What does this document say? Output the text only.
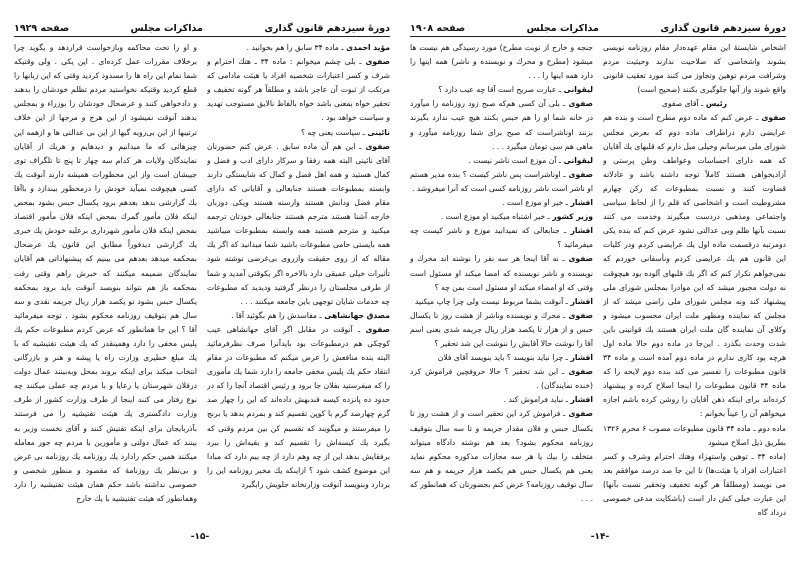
دورهٔ سیزدهم قانون گذاری
مذاکرات مجلس
صفحه ۱۹۰۸

اشخاص شایستهٔ این مقام عهده‌دار مقام روزنامه نویسی بشوند واشخاصی که صلاحیت ندارند وحیثیت مردم وشرافت مردم توهین وتجاوز می کنند مورد تعقیب قانونی واقع شوند واز آنها جلوگیری بکنند (صحیح است)

رئیس ـ آقای صفوی

صفوی ـ عرض کنم که ماده دوم مطرح است و بنده هم عرایضی دارم دراطراف ماده دوم که بعرض مجلس شورای ملی میرسانم وخیلی میل دارم که قلبهای یك آقایان که همه دارای احساسات وعواطف وطن پرستی و آزادیخواهی هستند کاملاً توجه داشته باشد و عادلانه قضاوت کنند و نسبت بمطبوعات که رکن چهارم مشروطیت است و اشخاصی که قلم را از لحاظ سیاسی واجتماعی ومذهبی دردست میگیرند وخدمت می کنند نسبت بآنها ظلم وبی عدالتی نشود عرض کنم که بنده یکی دومرتبه درقسمت ماده اول یك عرایضی کردم ودر کلیات این قانون هم یك عرایضی کردم ونأسفانی خوردم که نمی‌خواهم تکرار کنم که اگر یك قلبهای آلوده بود هیچوقت نه دولت مجبور میشد که این موادرا بمجلس شورای ملی پیشنهاد کند ونه مجلس شورای ملی راضی میشد که از مجلس که نماینده ومظهر ملت ایران محسوب میشود و وکلای آن نماینده گان ملت ایران هستند یك قوانینی باین شدت وحدت بگذرد . این‌جا در ماده دوم حالا ماده اول هرچه بود کاری ندارم در ماده دوم آمده است و ماده ۳۴ قانون مطبوعات را تفسیر می کند بنده دوم لایحه را که ماده ۳۴ قانون مطبوعات را اینجا اصلاح کرده و پیشنهاد کرده‌اند برای اینکه ذهن آقایان را روشن کرده باشم اجازه میخواهم آن را عیناً بخوانم :

ماده دوم ـ ماده ۳۴ قانون مطبوعات مصوب ۶ محرم ۱۳۲۶ بطریق ذیل اصلاح میشود

(ماده ۳۴ ـ توهین واستهزاء وهتك احترام وشرف و کسر اعتبارات افراد یا هیئت‌ها) تا این جا صد درصد موافقم بعد می نویسد (ومطلقاً هر گونه تخفیف وتحقیر نسبت بآنها) این عبارت خیلی کش دار است (باشکایت مدعی خصوصی درداد گاه

جنجه و خارج از نوبت مطرح) مورد رسیدگی هم نیست ها میشود (مطرح و محرك و نویسنده و ناشر) همه اینها را دارد همه اینها را . . .

لیقوانی ـ عبارت صریح است آقا چه عیب دارد ؟

صفوی ـ بلی آن کسی هم‌که صبح زود روزنامه را میآورد در خانه شما او را هم حبس بکنند هیچ عیب ندارد بگیرند بزنند اوناشراست که صبح برای شما روزنامه میآورد و ماهی هم سی تومان میگیرد . . .

لیقوانی ـ آن موزع است ناشر نیست .

صفوی ـ اوناشراست پس ناشر کیست ؟ بنده مدیر هستم او ناشر است ناشر روزنامه کسی است که آنرا میفروشد .

افشار ـ خیر او موزع است .

وزیر کشور ـ خیر اشتباه میکنید او موزع است .

افشار ـ جنابعالی که نمیدانید موزع و ناشر کیست چه میفرمائید ؟

صفوی ـ نه آقا اینجا هر سه نفر را نوشته اند محرك و نویسنده و ناشر نویسنده که امضا میکند او مسئول است وقتی که او امضاء میکند او مسئول است بمن چه ؟

افشار ـ آنوقت بشما مربوط نیست ولی چرا چاپ میکنید

صفوی ـ محرك و نویسنده وناشر از هشت روز تا یکسال حبس و از هزار تا یکصد هزار ریال جریمه شدی یعنی اسم آقا را نوشت حالا آقایش را ننوشت این شد تحقیر ؟

افشار ـ چرا نباید بنویسد ؟ باید بنویسد آقای فلان

صفوی ـ این شد تحقیر ؟ حالا حروفچین فراموش کرد (خنده نمایندگان) .

افشار ـ نباید فراموش کند .

صفوی ـ فراموش کرد این تحقیر است و از هشت روز تا یکسال حبس و فلان مقدار جریمه و تا سه سال بتوقیف روزنامه محکوم بشود؟ بعد هم نوشته دادگاه میتواند متخلف را بیك یا هر سه مجازات مذکوره محکوم نماید یعنی هم یکسال حبس هم یکصد هزار جریمه و هم سه سال توقیف روزنامه؟ عرض کنم بحضورتان که همانطور که . . .

-۱۴-
دورهٔ سیزدهم قانون گذاری
مذاکرات مجلس
صفحه ۱۹۲۹

مؤید احمدی ـ ماده ۳۴ سابق را هم بخوانید .

صفوی ـ بلی چشم میخوانم : ماده ۳۴ ـ هتك احترام و شرف و کسر اعتبارات شخصیه افراد یا هیئت مادامی که مرتکب از ثبوت آن عاجز باشد و مطلقاً هر گونه تخفیف و تحقیر خواه بمعنی باشد خواه بالفاظ نالایق مستوجب تهدید و سیاست خواهد بود .

نائینی ـ سیاست یعنی چه ؟

صفوی ـ این هم آن ماده سابق . عرض کنم حضورتان آقای نائینی البته همه رفقا و سرکار دارای ادب و فضل و کمال هستید و همه اهل فضل و کمال که شایستگی دارند وابسته بمطبوعات هستند جنابعالی و آقایانی که دارای مقام فضل ودانش هستند وارسته هستند ویکی دوزبان خارجه آشنا هستند مترجم هستند جنابعالی خودتان ترجمه میکنید و مترجم هستید همه وابسته بمطبوعات میباشید همه بایستی حامی مطبوعات باشید شما میدانید که اگر یك مقاله که از روی حقیقت وازروی بی‌غرضی نوشته شود تأثیرات خیلی عمیقی دارد بالاخره اگر یکوقتی آمدید و شما از طرفی مجلستان را درنظر گرفتید ودیدید که مطبوعات چه خدمات شایان توجهی باین جامعه میکنند . . .

مصدق جهانشاهی ـ مفاسدش را هم بگوئید آقا .

صفوی ـ آنوقت در مقابل اگر آقای جهانشاهی عیب کوچکی هم درمطبوعات بود بایدآنرا صرف نظرفرمائید البته بنده منافعش را عرض میکنم که مطبوعات در مقام انتقاد حکم یك پلیس مخفی جامعه را دارد شما یك مأموری را که میفرستید بفلان جا برود و رئیس اقتصاد آنجا را که در حدود ده پانزده کیسه قندبهش داده‌اند که این را چهار صد گرم چهارصد گرم با کوپن تقسیم کند و بمردم بدهد یا برنج را میفرستند و میگویند که تقسیم کن بین مردم وقتی که بگیرد یك کیسه‌اش را تقسیم کند و بقیه‌اش را ببرد برفقایش بدهد این از چه وهم دارد از چه بیم دارد که مبادا این موضوع کشف شود ؟ ازاینکه یك مخبر روزنامه این را بردارد وبنویسد آنوقت وزارتخانه جلویش رابگیرد

و او را تحت محاکمه وبازخواست قراردهد و بگوید چرا برخلاف مقررات عمل کرده‌ای . این یکی . ولی وقتیکه شما تمام این راه ها را مسدود کردید وقتی که این زبانها را قطع کردید وقتیکه نخواستید مردم تظلم خودشان را بدهند و دادخواهی کنند و عرضحال خودشان را بوزراء و بمجلس بدهند آنوقت نمیشود از این هرج و مرجها از این خلاف ترتیبها از این بی‌رویه گیها از این بی عدالتی ها و ازهمه این چیزهائی که ما میدانیم و دیدهایم و هریك از آقایان نمایندگان ولایات هر کدام سه چهار تا پنج تا تلگراف توی جیبشان است واز این محظورات همیشه دارند آنوقت یك کسی هیچوقت نمیآید خودش را درمحظور بیندازد و باآقا یك گزارشی بدهد بعدهم برود یکسال حبس بشود بمحض اینکه فلان مأمور گمرك بمحض اینکه فلان مأمور اقتصاد بمحض اینکه فلان مأمور شهرداری برعلیه خودش یك خبری یك گزارشی دیدفوراً مطابق این قانون یك عرضحال بمحکمه میدهد بعدهم می بینیم که پیشنهاداتی هم آقایان نمایندگان ضمیمه میکنند که خبرش راهم وقتی رفت بمحکمه باز هم نتواند بنویسد آنوقت باید برود بمحکمه یکسال حبس بشود تو یکصد هزار ریال جریمه نقدی و سه سال هم بتوقیف روزنامه محکوم بشود . توجه میفرمائید آقا ؟ این جا همانطور که عرض کردم مطبوعات حکم یك پلیس مخفی را دارد وهمینقدر که یك هیئت تفتیشیه که با یك مبلغ خطیری وزارت راه یا پیشه و هنر و بازرگانی انتخاب میکند برای اینکه بروند بمحل وبه‌بینند عمال دولت درفلان شهرستان یا رعایا و با مردم چه عملی میکنند چه نوع رفتار می کنند اینجا از طرف وزارت کشور از طرف وزارت دادگستری یك هیئت تفتیشیه را می فرستند بآذربایجان برای اینکه تفتیش کنند و آقای نخست وزیر به بینند که عمال دولتی و مأمورین با مردم چه جور معامله میکنند همین حکم رادارد یك روزنامه یك روزنامه بی غرض و بی‌نظر یك روزنامهٔ که مقصود و منظور شخصی و خصوصی نداشته باشد حکم همان هیئت تفتیشیه را دارد وهمانطور که هیئت تفتیشیه با یك خارج

-۱۵-
